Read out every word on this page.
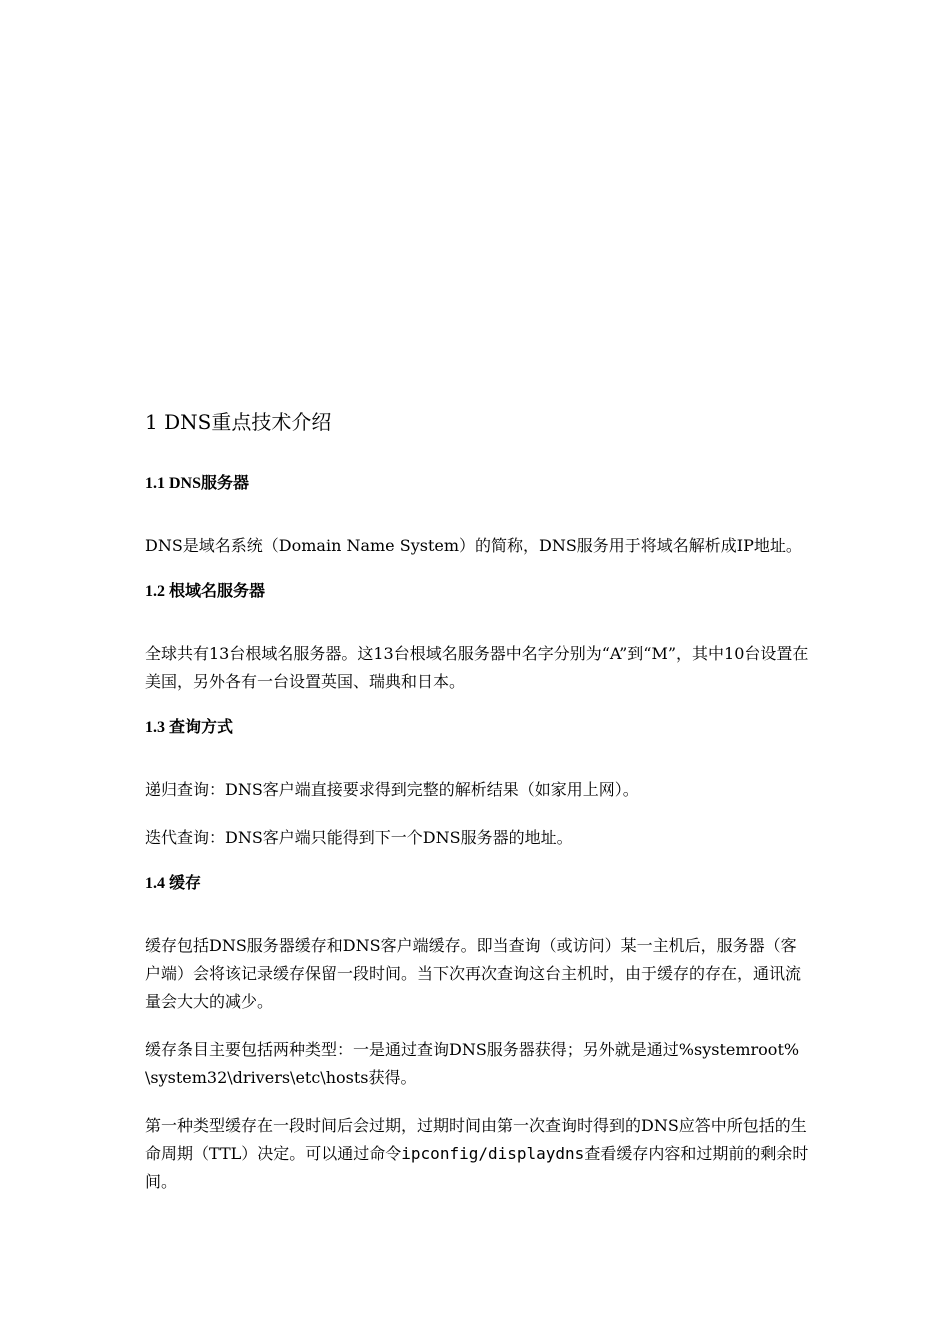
1 DNS重点技术介绍
1.1 DNS服务器
DNS是域名系统（Domain Name System）的简称，DNS服务用于将域名解析成IP地址。
1.2 根域名服务器
全球共有13台根域名服务器。这13台根域名服务器中名字分别为“A”到“M”，其中10台设置在美国，另外各有一台设置英国、瑞典和日本。
1.3 查询方式
递归查询：DNS客户端直接要求得到完整的解析结果（如家用上网）。
迭代查询：DNS客户端只能得到下一个DNS服务器的地址。
1.4 缓存
缓存包括DNS服务器缓存和DNS客户端缓存。即当查询（或访问）某一主机后，服务器（客户端）会将该记录缓存保留一段时间。当下次再次查询这台主机时，由于缓存的存在，通讯流量会大大的减少。
缓存条目主要包括两种类型：一是通过查询DNS服务器获得；另外就是通过%systemroot%\system32\drivers\etc\hosts获得。
第一种类型缓存在一段时间后会过期，过期时间由第一次查询时得到的DNS应答中所包括的生命周期（TTL）决定。可以通过命令ipconfig/displaydns查看缓存内容和过期前的剩余时间。
